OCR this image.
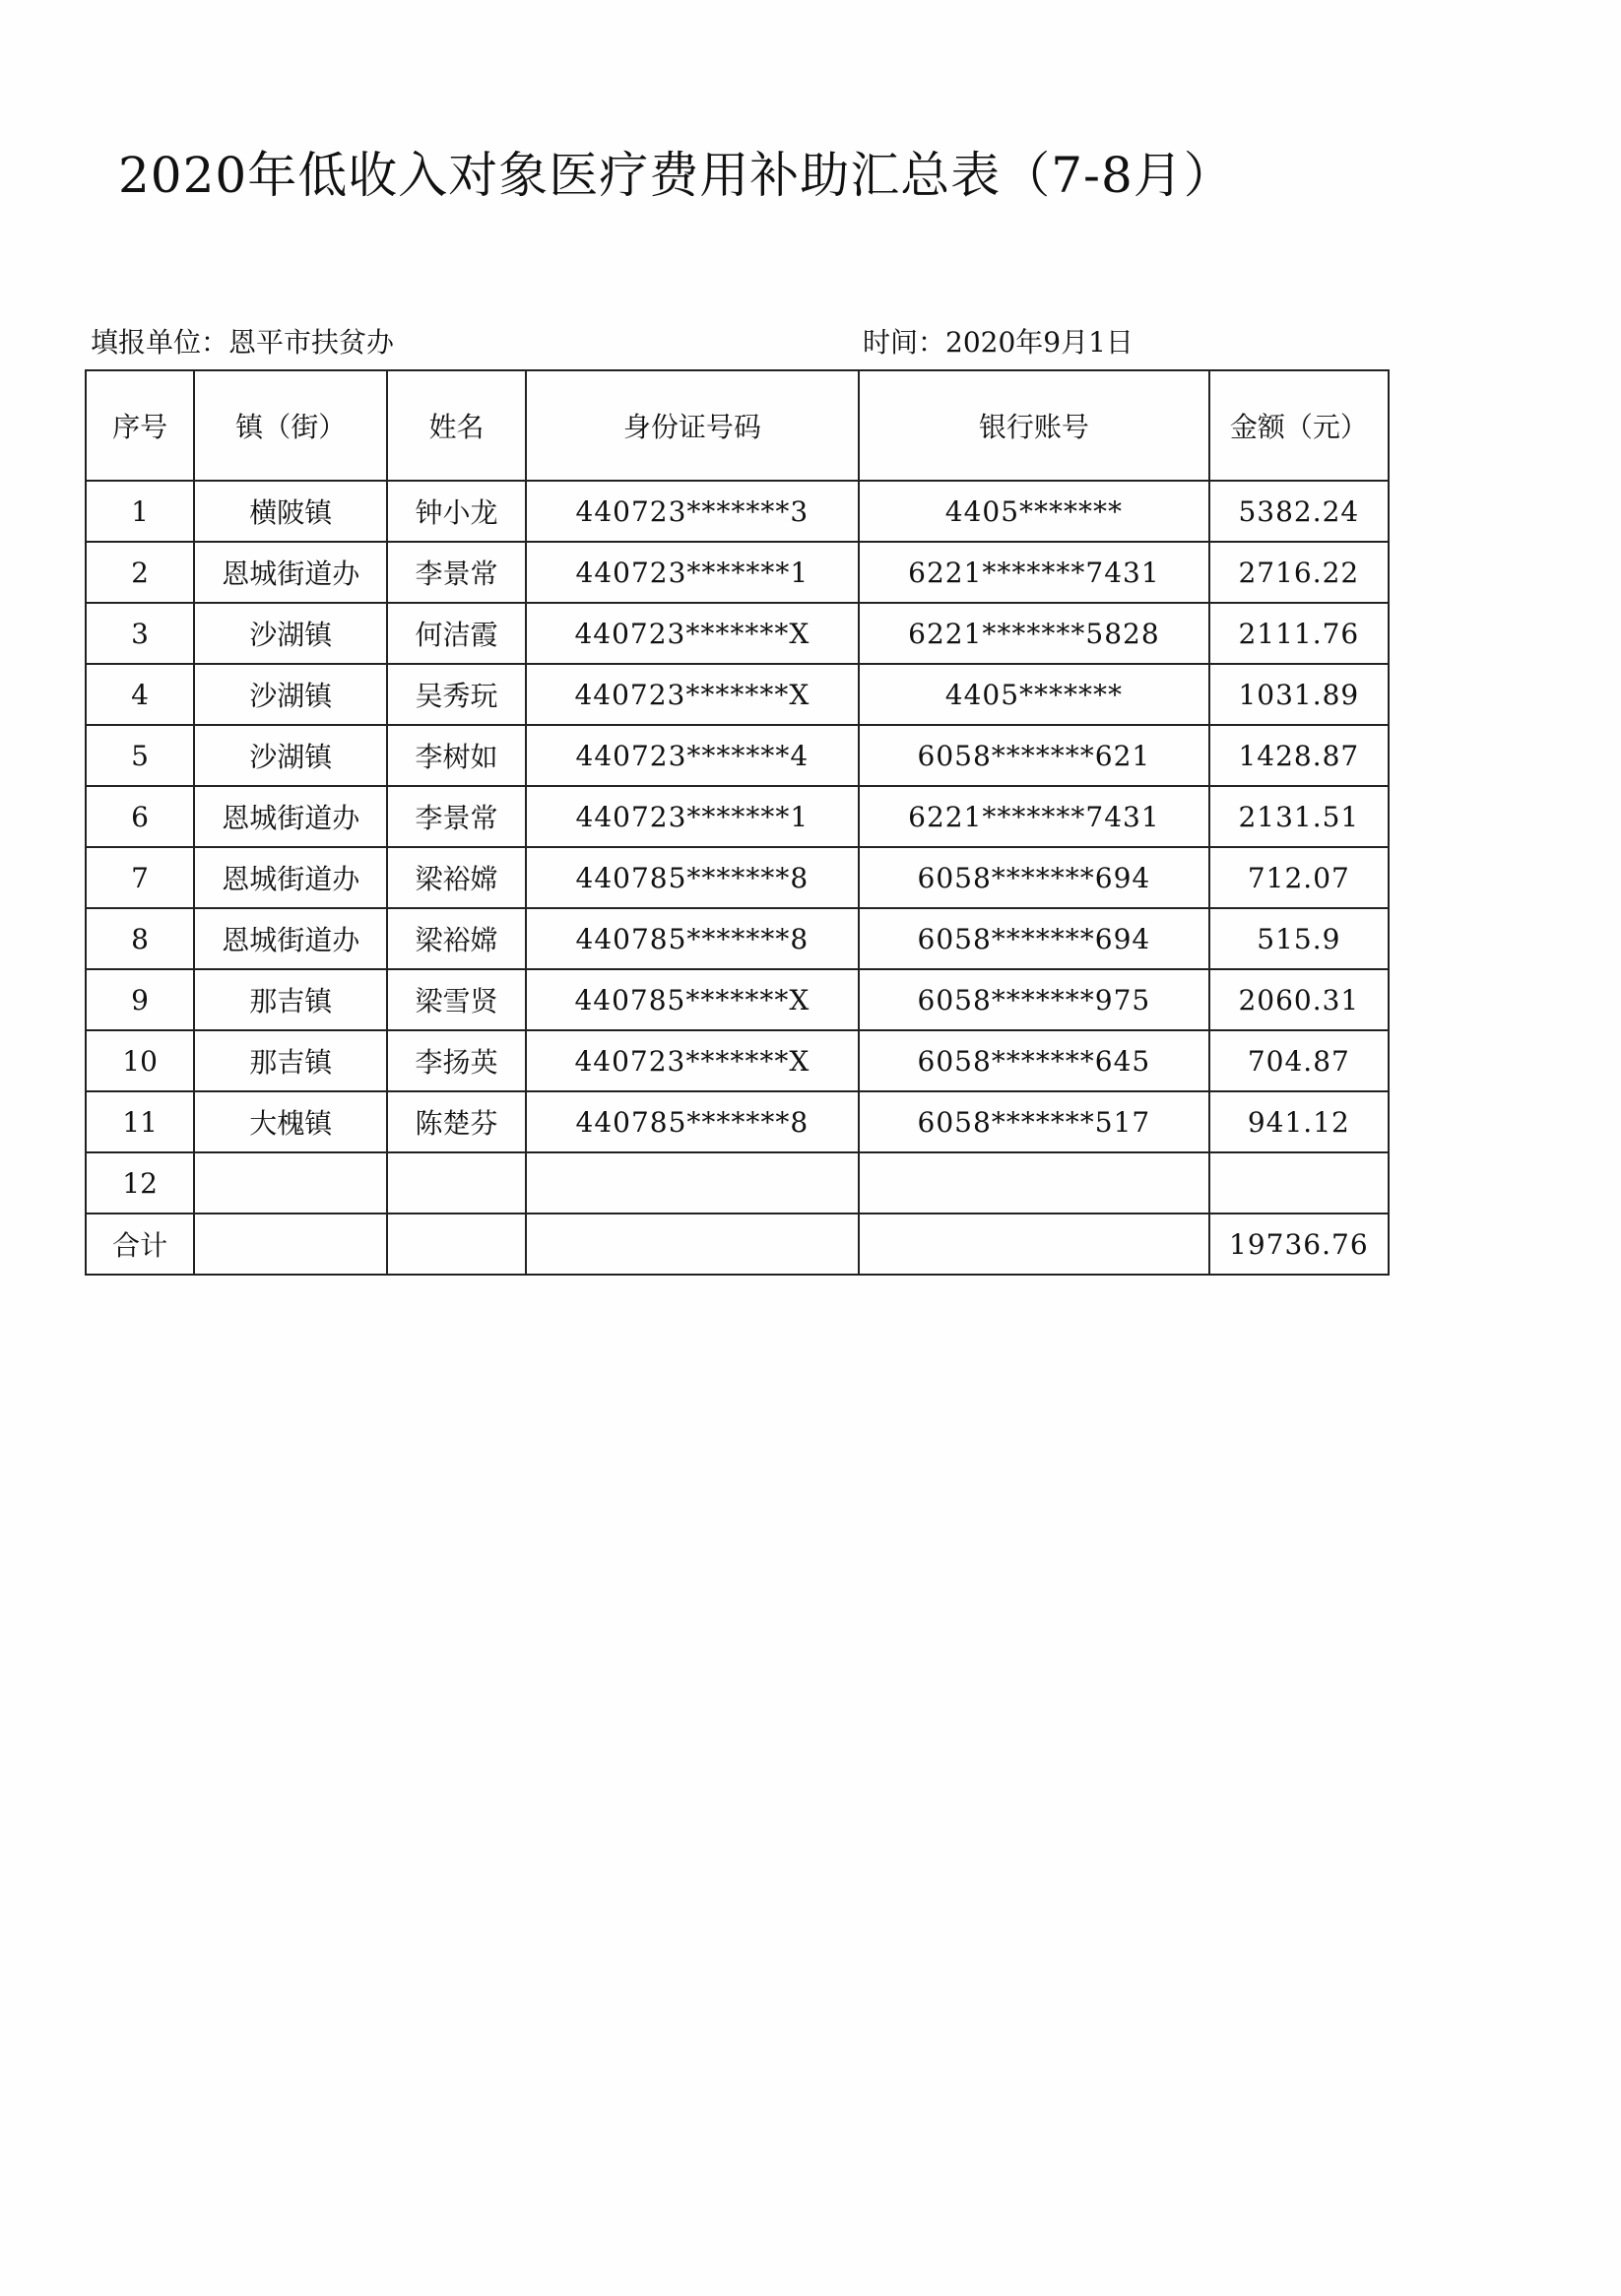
2020年低收入对象医疗费用补助汇总表（7-8月）
填报单位：恩平市扶贫办	时间：2020年9月1日
序号	镇（街）	姓名	身份证号码	银行账号	金额（元）
1	横陂镇	钟小龙	440723*******3	4405*******	5382.24
2	恩城街道办	李景常	440723*******1	6221*******7431	2716.22
3	沙湖镇	何洁霞	440723*******X	6221*******5828	2111.76
4	沙湖镇	吴秀玩	440723*******X	4405*******	1031.89
5	沙湖镇	李树如	440723*******4	6058*******621	1428.87
6	恩城街道办	李景常	440723*******1	6221*******7431	2131.51
7	恩城街道办	梁裕嫦	440785*******8	6058*******694	712.07
8	恩城街道办	梁裕嫦	440785*******8	6058*******694	515.9
9	那吉镇	梁雪贤	440785*******X	6058*******975	2060.31
10	那吉镇	李扬英	440723*******X	6058*******645	704.87
11	大槐镇	陈楚芬	440785*******8	6058*******517	941.12
12					
合计					19736.76
